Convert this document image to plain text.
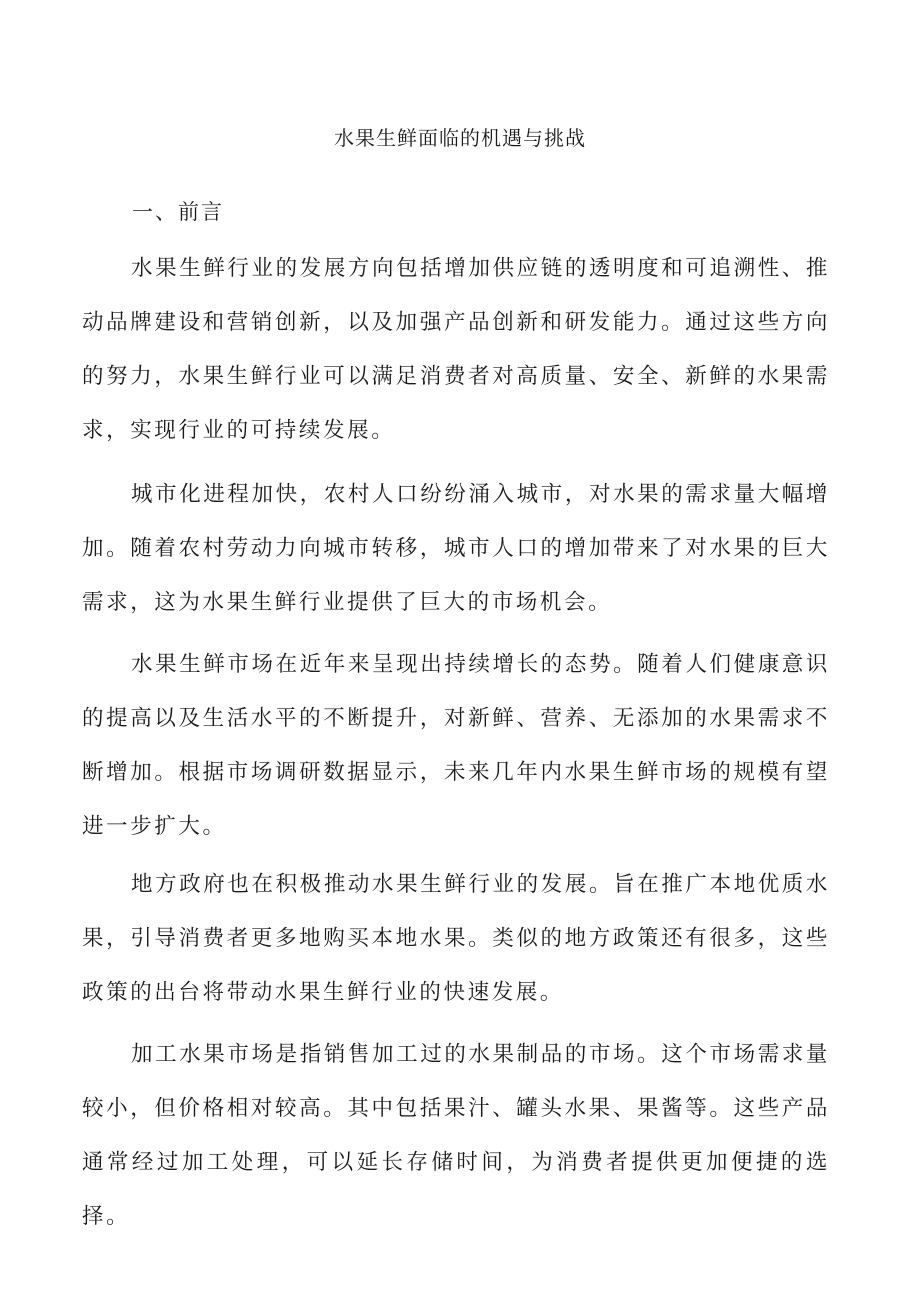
水果生鲜面临的机遇与挑战
一、前言

水果生鲜行业的发展方向包括增加供应链的透明度和可追溯性、推动品牌建设和营销创新，以及加强产品创新和研发能力。通过这些方向的努力，水果生鲜行业可以满足消费者对高质量、安全、新鲜的水果需求，实现行业的可持续发展。

城市化进程加快，农村人口纷纷涌入城市，对水果的需求量大幅增加。随着农村劳动力向城市转移，城市人口的增加带来了对水果的巨大需求，这为水果生鲜行业提供了巨大的市场机会。

水果生鲜市场在近年来呈现出持续增长的态势。随着人们健康意识的提高以及生活水平的不断提升，对新鲜、营养、无添加的水果需求不断增加。根据市场调研数据显示，未来几年内水果生鲜市场的规模有望进一步扩大。

地方政府也在积极推动水果生鲜行业的发展。旨在推广本地优质水果，引导消费者更多地购买本地水果。类似的地方政策还有很多，这些政策的出台将带动水果生鲜行业的快速发展。

加工水果市场是指销售加工过的水果制品的市场。这个市场需求量较小，但价格相对较高。其中包括果汁、罐头水果、果酱等。这些产品通常经过加工处理，可以延长存储时间，为消费者提供更加便捷的选择。
